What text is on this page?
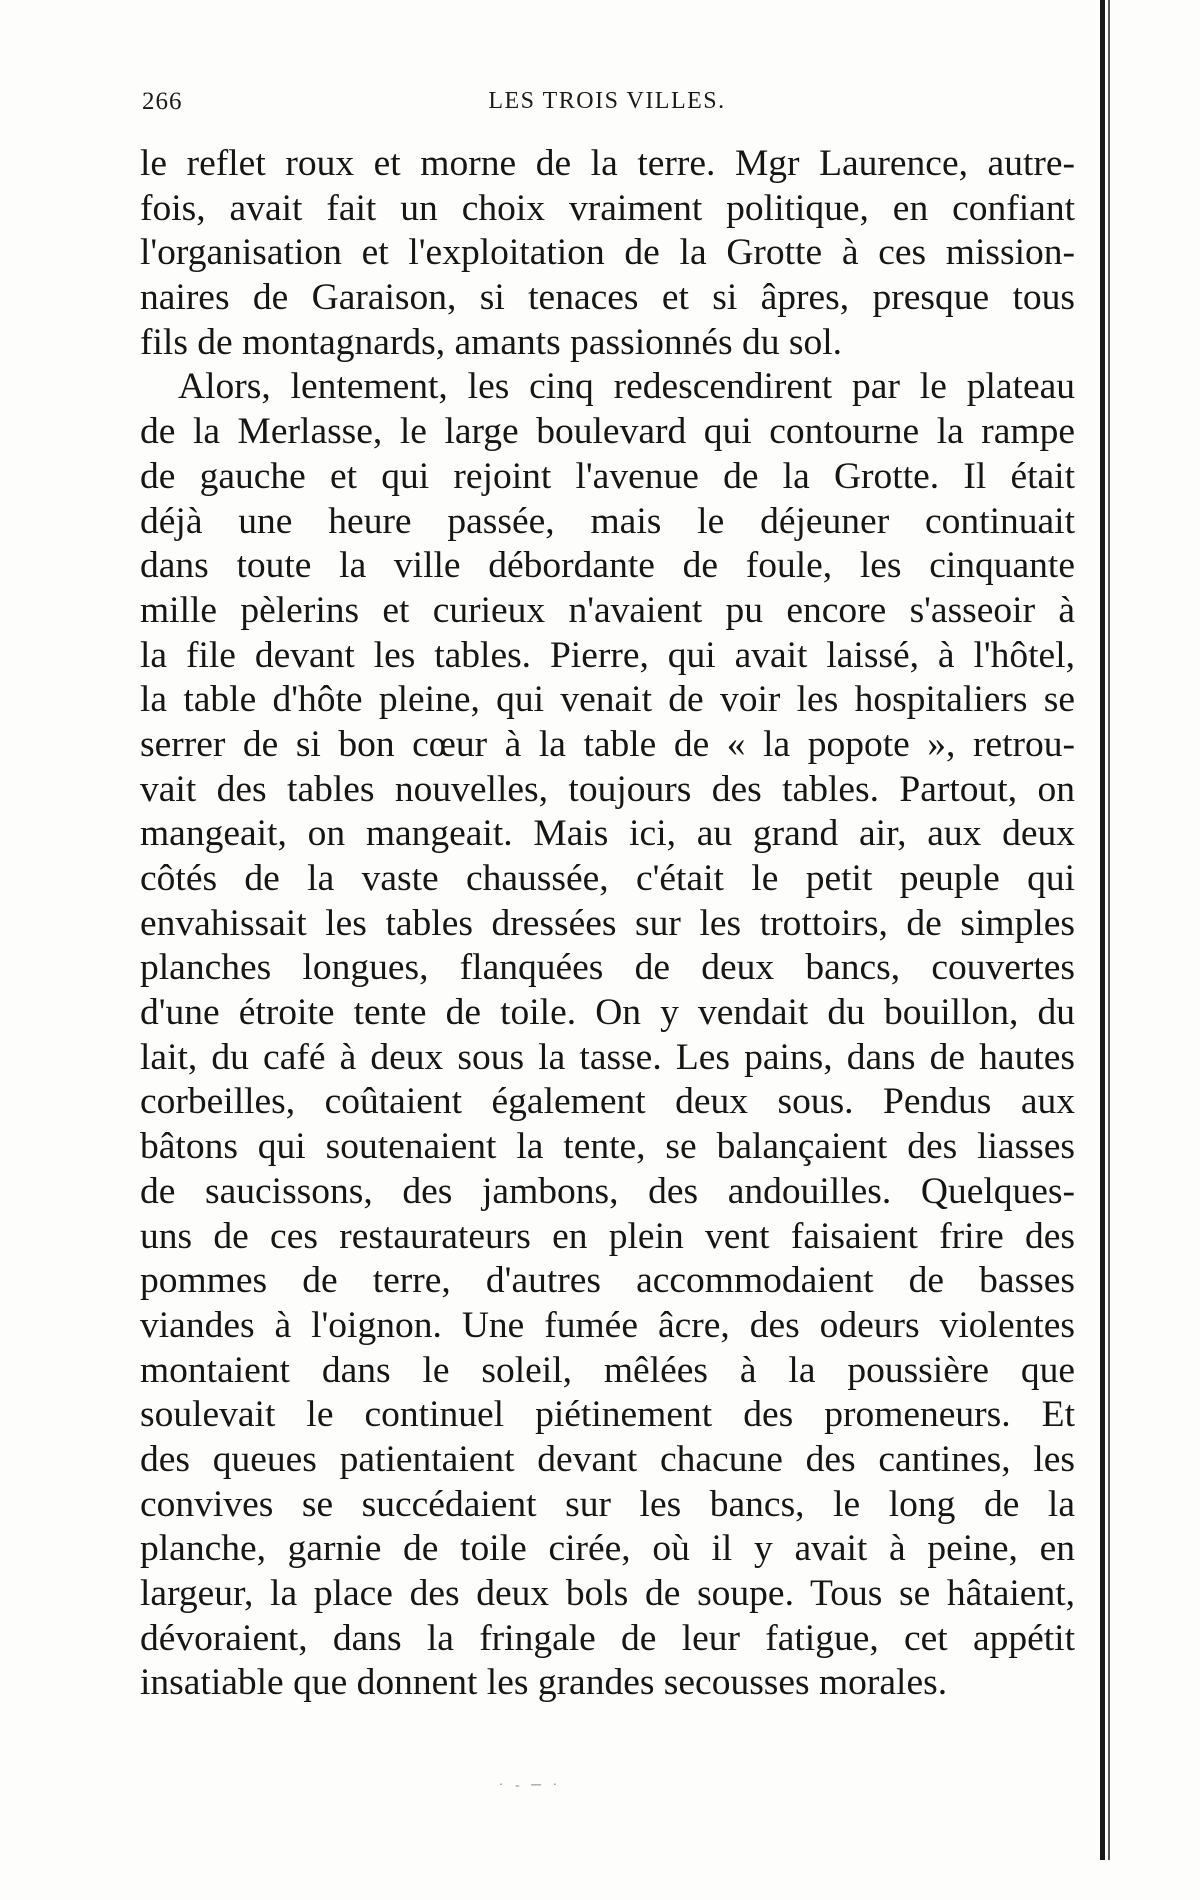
266	LES TROIS VILLES.
le reflet roux et morne de la terre. Mgr Laurence, autre-
fois, avait fait un choix vraiment politique, en confiant
l'organisation et l'exploitation de la Grotte à ces mission-
naires de Garaison, si tenaces et si âpres, presque tous
fils de montagnards, amants passionnés du sol.
Alors, lentement, les cinq redescendirent par le plateau
de la Merlasse, le large boulevard qui contourne la rampe
de gauche et qui rejoint l'avenue de la Grotte. Il était
déjà une heure passée, mais le déjeuner continuait
dans toute la ville débordante de foule, les cinquante
mille pèlerins et curieux n'avaient pu encore s'asseoir à
la file devant les tables. Pierre, qui avait laissé, à l'hôtel,
la table d'hôte pleine, qui venait de voir les hospitaliers se
serrer de si bon cœur à la table de « la popote », retrou-
vait des tables nouvelles, toujours des tables. Partout, on
mangeait, on mangeait. Mais ici, au grand air, aux deux
côtés de la vaste chaussée, c'était le petit peuple qui
envahissait les tables dressées sur les trottoirs, de simples
planches longues, flanquées de deux bancs, couvertes
d'une étroite tente de toile. On y vendait du bouillon, du
lait, du café à deux sous la tasse. Les pains, dans de hautes
corbeilles, coûtaient également deux sous. Pendus aux
bâtons qui soutenaient la tente, se balançaient des liasses
de saucissons, des jambons, des andouilles. Quelques-
uns de ces restaurateurs en plein vent faisaient frire des
pommes de terre, d'autres accommodaient de basses
viandes à l'oignon. Une fumée âcre, des odeurs violentes
montaient dans le soleil, mêlées à la poussière que
soulevait le continuel piétinement des promeneurs. Et
des queues patientaient devant chacune des cantines, les
convives se succédaient sur les bancs, le long de la
planche, garnie de toile cirée, où il y avait à peine, en
largeur, la place des deux bols de soupe. Tous se hâtaient,
dévoraient, dans la fringale de leur fatigue, cet appétit
insatiable que donnent les grandes secousses morales.
· ‐ ─ ·
